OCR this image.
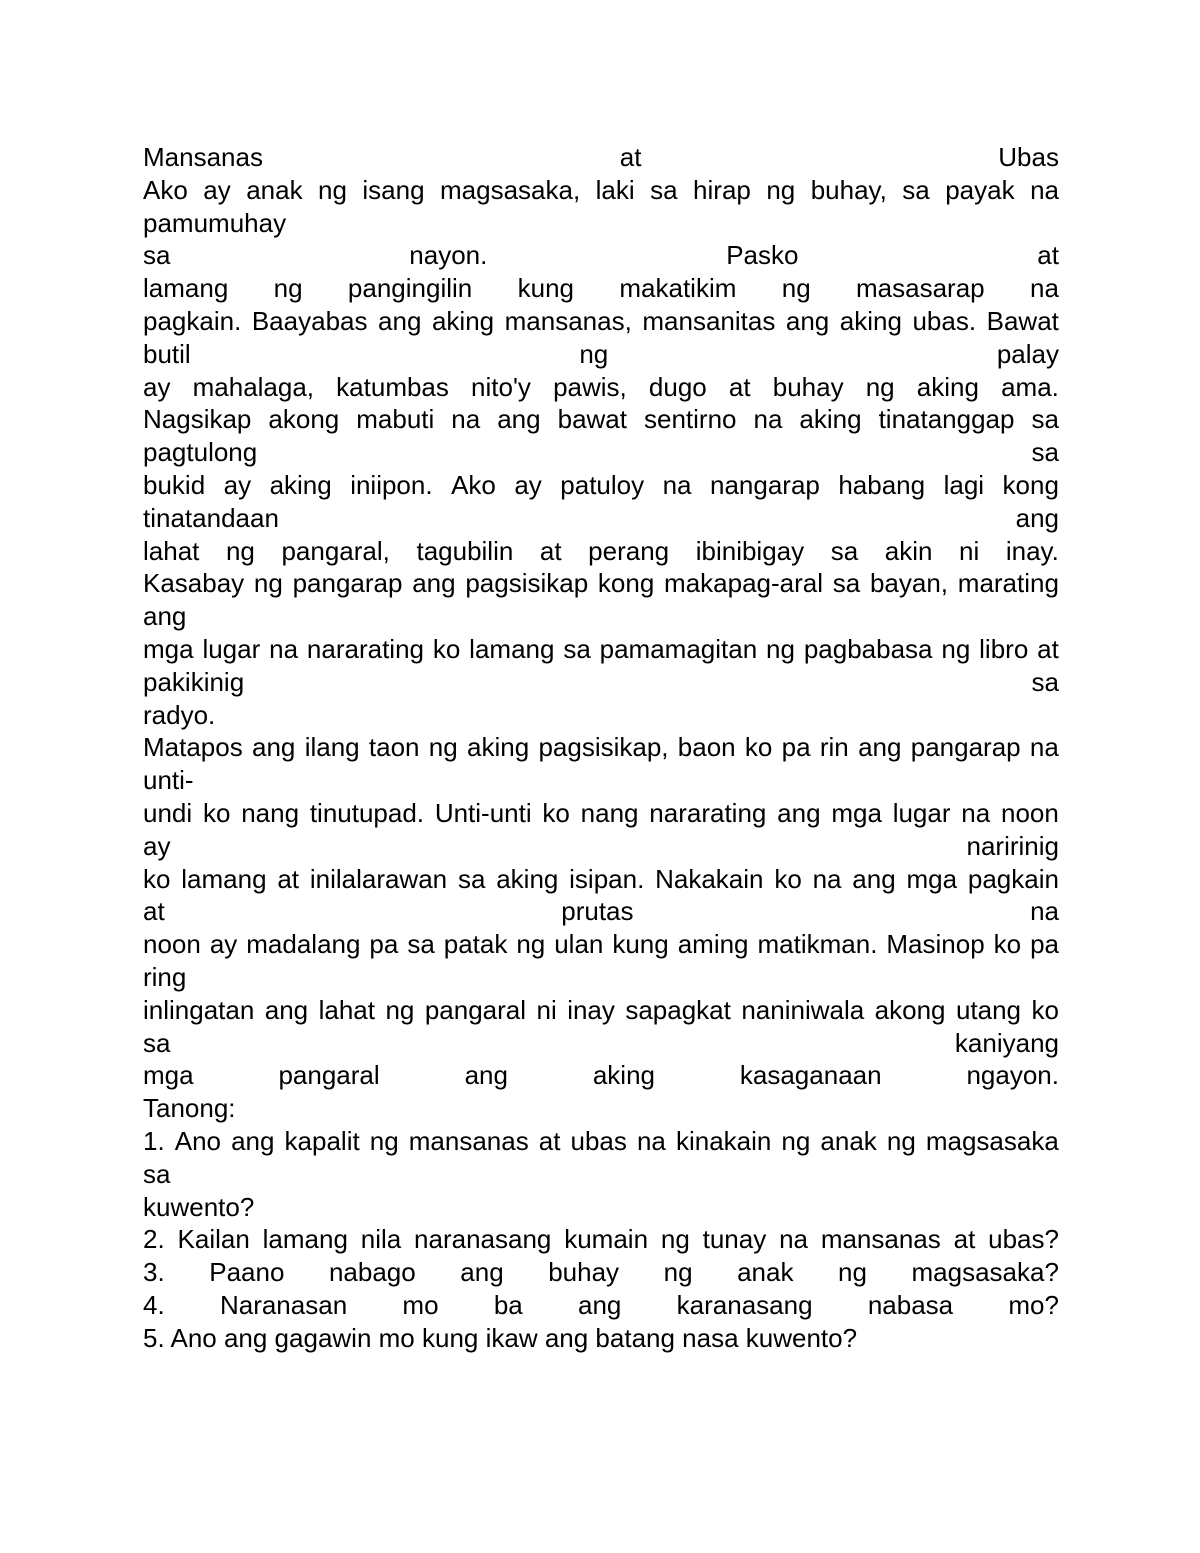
Mansanas	at	Ubas
Ako ay anak ng isang magsasaka, laki sa hirap ng buhay, sa payak na
pamumuhay
sa	nayon.	Pasko	at
lamang ng pangingilin kung makatikim ng masasarap na
pagkain. Baayabas ang aking mansanas, mansanitas ang aking ubas. Bawat
butil	ng	palay
ay mahalaga, katumbas nito'y pawis, dugo at buhay ng aking ama.
Nagsikap akong mabuti na ang bawat sentirno na aking tinatanggap sa
pagtulong	sa
bukid ay aking iniipon. Ako ay patuloy na nangarap habang lagi kong
tinatandaan	ang
lahat ng pangaral, tagubilin at perang ibinibigay sa akin ni inay.
Kasabay ng pangarap ang pagsisikap kong makapag-aral sa bayan, marating
ang
mga lugar na nararating ko lamang sa pamamagitan ng pagbabasa ng libro at
pakikinig	sa
radyo.
Matapos ang ilang taon ng aking pagsisikap, baon ko pa rin ang pangarap na
unti-
undi ko nang tinutupad. Unti-unti ko nang nararating ang mga lugar na noon
ay	naririnig
ko lamang at inilalarawan sa aking isipan. Nakakain ko na ang mga pagkain
at	prutas	na
noon ay madalang pa sa patak ng ulan kung aming matikman. Masinop ko pa
ring
inlingatan ang lahat ng pangaral ni inay sapagkat naniniwala akong utang ko
sa	kaniyang
mga	pangaral	ang	aking	kasaganaan	ngayon.
Tanong:
1. Ano ang kapalit ng mansanas at ubas na kinakain ng anak ng magsasaka
sa
kuwento?
2. Kailan lamang nila naranasang kumain ng tunay na mansanas at ubas?
3. Paano nabago ang buhay ng anak ng magsasaka?
4. Naranasan mo ba ang karanasang nabasa mo?
5. Ano ang gagawin mo kung ikaw ang batang nasa kuwento?
